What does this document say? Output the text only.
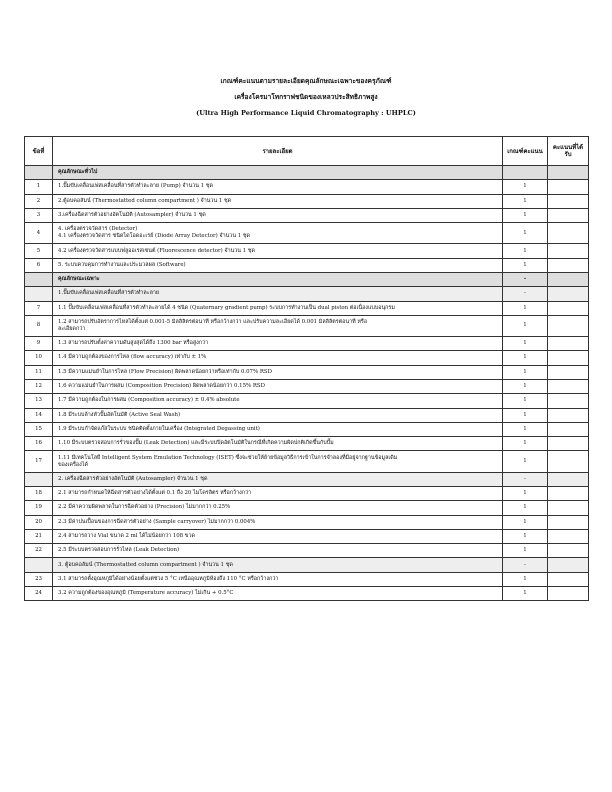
เกณฑ์คะแนนตามรายละเอียดคุณลักษณะเฉพาะของครุภัณฑ์
เครื่องโครมาโทกราฟชนิดของเหลวประสิทธิภาพสูง
(Ultra High Performance Liquid Chromatography : UHPLC)
ข้อที่	รายละเอียด	เกณฑ์คะแนน	คะแนนที่ได้รับ

	คุณลักษณะทั่วไป		

1	1.ปั๊มขับเคลื่อนเฟสเคลื่อนที่สารตัวทำละลาย (Pump) จำนวน 1 ชุด	1	
2	2.ตู้อบคอลัมน์ (Thermostatted column compartment ) จำนวน 1 ชุด	1	
3	3.เครื่องฉีดสารตัวอย่างอัตโนมัติ (Autosampler) จำนวน 1 ชุด	1	
4	4. เครื่องตรวจวัดสาร (Detector)
4.1 เครื่องตรวจวัดสาร ชนิดไดโอดอะเรย์ (Diode Array Detector) จำนวน 1 ชุด	1	
5	4.2 เครื่องตรวจวัดสารแบบฟลูออเรสเซนต์ (Fluorescence detector) จำนวน 1 ชุด	1	
6	5. ระบบควบคุมการทำงานและประมวลผล (Software)	1	

	คุณลักษณะเฉพาะ	-	

	1.ปั๊มขับเคลื่อนเฟสเคลื่อนที่สารตัวทำละลาย	-	
7	1.1 ปั๊มขับเคลื่อนเฟสเคลื่อนที่สารตัวทำละลายได้ 4 ชนิด (Quaternary gradient pump) ระบบการทำงานเป็น dual piston ต่อเนื่องแบบอนุกรม	1	
8	1.2 สามารถปรับอัตราการไหลได้ตั้งแต่ 0.001-5 มิลลิลิตรต่อนาที หรือกว้างกว่า และปรับความละเอียดได้ 0.001 มิลลิลิตรต่อนาที หรือ
ละเอียดกว่า	1	
9	1.3 สามารถปรับตั้งค่าความดันสูงสุดได้ถึง 1300 bar หรือสูงกว่า	1	
10	1.4 มีความถูกต้องของการไหล (flow accuracy) เท่ากับ ± 1%	1	
11	1.5 มีความแม่นยำในการไหล (Flow Precision) ผิดพลาดน้อยกว่าหรือเท่ากับ 0.07% RSD	1	
12	1.6 ความแม่นยำในการผสม (Composition Precision) ผิดพลาดน้อยกว่า 0.15% RSD	1	
13	1.7 มีความถูกต้องในการผสม (Composition accuracy) ± 0.4% absolute	1	
14	1.8 มีระบบล้างหัวปั๊มอัตโนมัติ (Active Seal Wash)	1	
15	1.9 มีระบบกำจัดแก๊สในระบบ ชนิดติดตั้งภายในเครื่อง (Integrated Degassing unit)	1	
16	1.10 มีระบบตรวจสอบการรั่วของปั๊ม (Leak Detection) และมีระบบปิดอัตโนมัติในกรณีที่เกิดความผิดปกติเกิดขึ้นกับปั๊ม	1	
17	1.11 มีเทคโนโลยี Intelligent System Emulation Technology (ISET) ซึ่งจะช่วยให้ย้ายข้อมูลวิธีการเข้าในการจำลองที่มีอยู่จากฐานข้อมูลเดิม
ของเครื่องได้	1	

	2. เครื่องฉีดสารตัวอย่างอัตโนมัติ (Autosampler) จำนวน 1 ชุด	-	
18	2.1 สามารถกำหนดให้ฉีดสารตัวอย่างได้ตั้งแต่ 0.1 ถึง 20 ไมโครลิตร หรือกว้างกว่า	1	
19	2.2 มีค่าความผิดพลาดในการฉีดตัวอย่าง (Precision) ไม่มากกว่า 0.25%	1	
20	2.3 มีค่าปนเปื้อนของการฉีดสารตัวอย่าง (Sample carryover) ไม่มากกว่า 0.004%	1	
21	2.4 สามารถวาง Vial ขนาด 2 ml ได้ไม่น้อยกว่า 108 ขวด	1	
22	2.5 มีระบบตรวจสอบการรั่วไหล (Leak Detection)	1	

	3. ตู้อบคอลัมน์ (Thermostatted column compartment ) จำนวน 1 ชุด	-	
23	3.1 สามารถตั้งอุณหภูมิได้อย่างน้อยตั้งแต่ช่วง 5 °C เหนืออุณหภูมิห้องถึง 110 °C หรือกว้างกว่า	1	
24	3.2 ความถูกต้องของอุณหภูมิ (Temperature accuracy) ไม่เกิน + 0.5°C	1	
